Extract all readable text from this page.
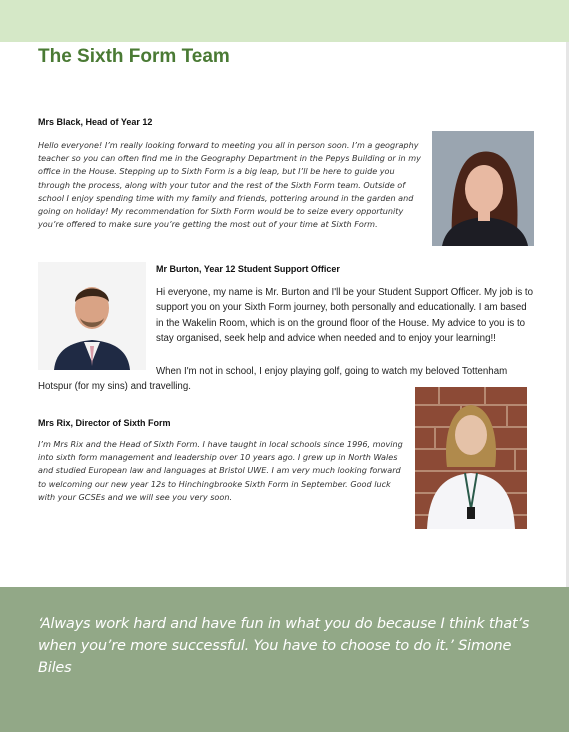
The Sixth Form Team

Mrs Black, Head of Year 12

Hello everyone! I’m really looking forward to meeting you all in person soon. I’m a geography teacher so you can often find me in the Geography Department in the Pepys Building or in my office in the House. Stepping up to Sixth Form is a big leap, but I’ll be here to guide you through the process, along with your tutor and the rest of the Sixth Form team. Outside of school I enjoy spending time with my family and friends, pottering around in the garden and going on holiday! My recommendation for Sixth Form would be to seize every opportunity you’re offered to make sure you’re getting the most out of your time at Sixth Form.

Mr Burton, Year 12 Student Support Officer

Hi everyone, my name is Mr. Burton and I'll be your Student Support Officer. My job is to support you on your Sixth Form journey, both personally and educationally. I am based in the Wakelin Room, which is on the ground floor of the House. My advice to you is to stay organised, seek help and advice when needed and to enjoy your learning!!

When I'm not in school, I enjoy playing golf, going to watch my beloved Tottenham Hotspur (for my sins) and travelling.

Mrs Rix, Director of Sixth Form

I’m Mrs Rix and the Head of Sixth Form. I have taught in local schools since 1996, moving into sixth form management and leadership over 10 years ago. I grew up in North Wales and studied European law and languages at Bristol UWE. I am very much looking forward to welcoming our new year 12s to Hinchingbrooke Sixth Form in September. Good luck with your GCSEs and we will see you very soon.

‘Always work hard and have fun in what you do because I think that’s when you’re more successful. You have to choose to do it.’ Simone Biles
